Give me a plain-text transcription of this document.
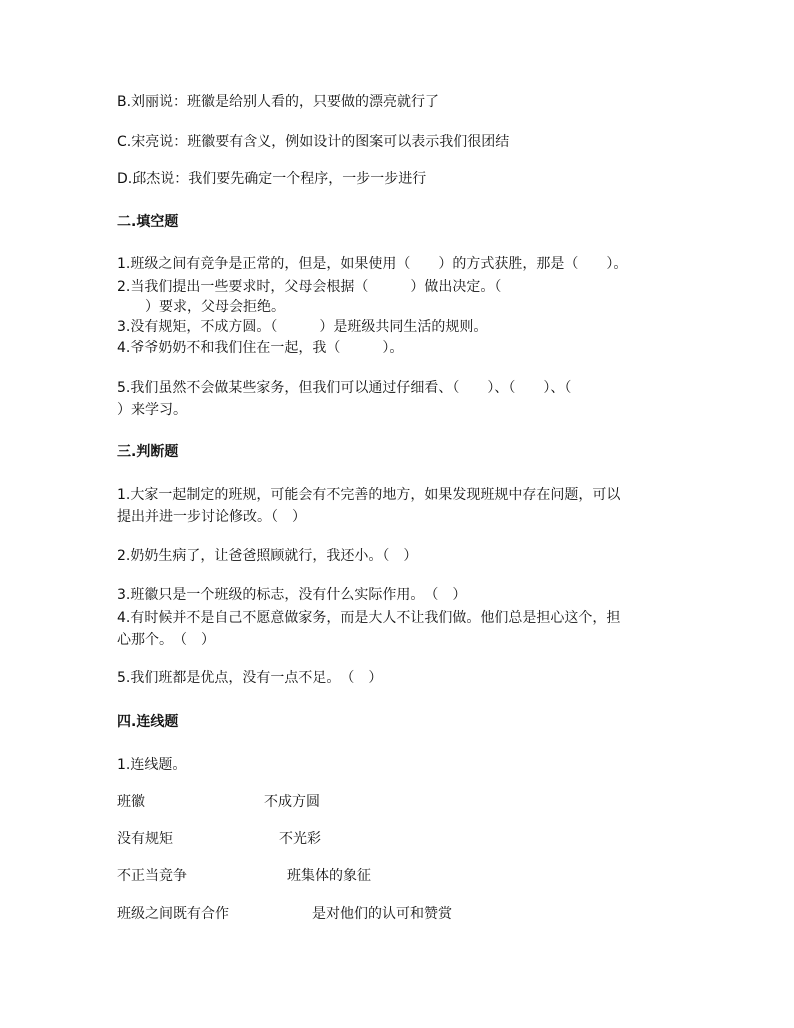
B.刘丽说：班徽是给别人看的，只要做的漂亮就行了
C.宋亮说：班徽要有含义，例如设计的图案可以表示我们很团结
D.邱杰说：我们要先确定一个程序，一步一步进行
二.填空题
1.班级之间有竞争是正常的，但是，如果使用（　　）的方式获胜，那是（　　）。
2.当我们提出一些要求时，父母会根据（　　　）做出决定。（
　　）要求，父母会拒绝。
3.没有规矩，不成方圆。（　　　）是班级共同生活的规则。
4.爷爷奶奶不和我们住在一起，我（　　　）。
5.我们虽然不会做某些家务，但我们可以通过仔细看、（　　）、（　　）、（
）来学习。
三.判断题
1.大家一起制定的班规，可能会有不完善的地方，如果发现班规中存在问题，可以
提出并进一步讨论修改。（　）
2.奶奶生病了，让爸爸照顾就行，我还小。（　）
3.班徽只是一个班级的标志，没有什么实际作用。　（　）
4.有时候并不是自己不愿意做家务，而是大人不让我们做。他们总是担心这个，担
心那个。　（　）
5.我们班都是优点，没有一点不足。　（　）
四.连线题
1.连线题。
班徽	不成方圆
没有规矩	不光彩
不正当竞争	班集体的象征
班级之间既有合作	是对他们的认可和赞赏
